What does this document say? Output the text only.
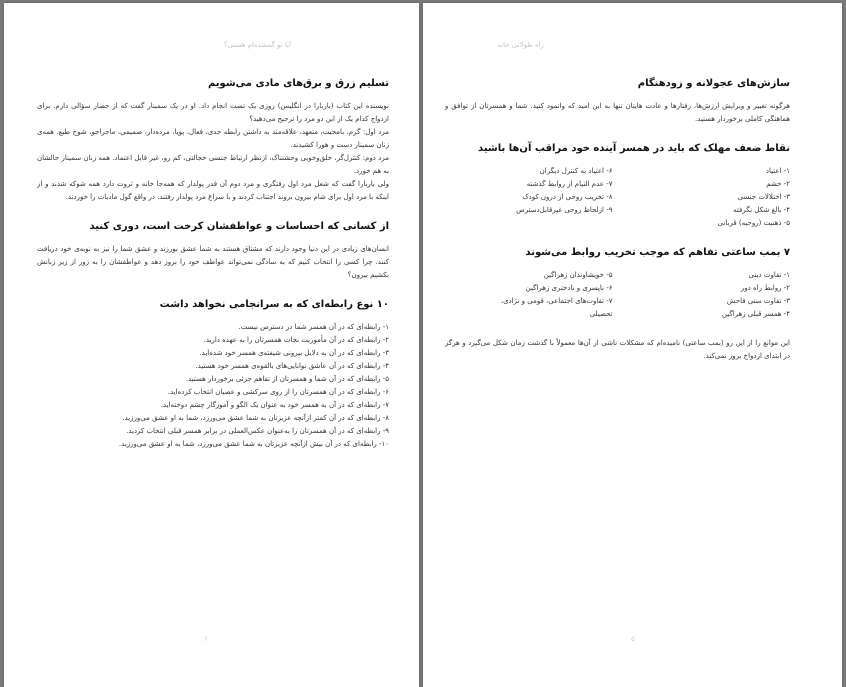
آیا تو گمشده‌ام هستی؟
تسلیم زرق و برق‌های مادی می‌شویم

نویسنده این کتاب (باربارا در انگلیس) روزی یک تست انجام داد. او در یک سمینار گفت که از حضار سؤالی دارم. برای ازدواج کدام یک از این دو مرد را ترجیح می‌دهید؟

مرد اول: گرم، بامحبت، متعهد، علاقه‌مند به داشتن رابطه جدی، فعال، پویا، مرده‌دار، صمیمی، ماجراجو، شوخ طبع. همه‌ی زنان سمینار دست و هورا کشیدند.

مرد دوم: کنترل‌گر، خلق‌وخویی وحشتناک، ازنظر ارتباط جنسی خجالتی، کم رو، غیر قابل اعتماد. همه زنان سمینار حالشان به هم خورد.

ولی باربارا گفت که شغل مرد اول رفتگری و مرد دوم آن قدر پولدار که همه‌جا خانه و ثروت دارد همه شوکه شدند و از اینکه با مرد اول برای شام بیرون بروند اجتناب کردند و با سراغ مرد پولدار رفتند. در واقع گول مادیات را خوردند.

از کسانی که احساسات و عواطفشان کرخت است، دوری کنید

انسان‌های زیادی در این دنیا وجود دارند که مشتاق هستند به شما عشق بورزند و عشق شما را نیز به نوبه‌ی خود دریافت کنند. چرا کسی را انتخاب کنیم که به سادگی نمی‌تواند عواطف خود را بروز دهد و عواطفشان را به زور از زیر زبانش بکشیم بیرون؟

۱۰ نوع رابطه‌ای که به سرانجامی نخواهد داشت
۱- رابطه‌ای که در آن همسر شما در دسترس نیست.
۲- رابطه‌ای که در آن مأموریت نجات همسرتان را به عهده دارید.
۳- رابطه‌ای که در آن به دلایل بیرونی شیفته‌ی همسر خود شده‌اید.
۴- رابطه‌ای که در آن عاشق توانایی‌های بالقوه‌ی همسر خود هستید.
۵- رابطه‌ای که در آن شما و همسرتان از تفاهم جزئی برخوردار هستید.
۶- رابطه‌ای که در آن همسرتان را از روی سرکشی و عصیان انتخاب کرده‌اید.
۷- رابطه‌ای که در آن به همسر خود به عنوان یک الگو و آموزگار چشم دوخته‌اید.
۸- رابطه‌ای که در آن کمتر ازآنچه عزیزتان به شما عشق می‌ورزد، شما به او عشق می‌ورزید.
۹- رابطه‌ای که در آن همسرتان را به‌عنوان عکس‌العملی در برابر همسر قبلی انتخاب کردید.
۱۰- رابطه‌ای که در آن بیش ازآنچه عزیزتان به شما عشق می‌ورزد، شما به او عشق می‌ورزید.
۶
راه طولانی خانه
سازش‌های عجولانه و زودهنگام

هرگونه تغییر و ویرایش ارزش‌ها، رفتارها و عادت هایتان تنها به این امید که وانمود کنید، شما و همسرتان از توافق و هماهنگی کاملی برخوردار هستید.

نقاط ضعف مهلک که باید در همسر آینده خود مراقب آن‌ها باشید
۱- اعتیاد
۶- اعتیاد به کنترل دیگران
۲- خشم
۷- عدم التیام از روابط گذشته
۳- اختلالات جنسی
۸- تخریب روحی از درون کودک
۴- بالغ شکل نگرفته
۹- ازلحاظ روحی غیرقابل‌دسترس
۵- ذهنیت (روحیه) قربانی
۷ بمب ساعتی تفاهم که موجب تخریب روابط می‌شوند
۱- تفاوت دینی
۵- خویشاوندان زهراگین
۲- روابط راه دور
۶- ناپسری و نادختری زهراگین
۳- تفاوت سنی فاحش
۷- تفاوت‌های اجتماعی، قومی و نژادی،
۴- همسر قبلی زهراگین
تحصیلی

این موانع را از این رو (بمب ساعتی) نامیده‌ام که مشکلات ناشی از آن‌ها معمولاً با گذشت زمان شکل می‌گیرد و هرگز در ابتدای ازدواج بروز نمی‌کند.

۵
